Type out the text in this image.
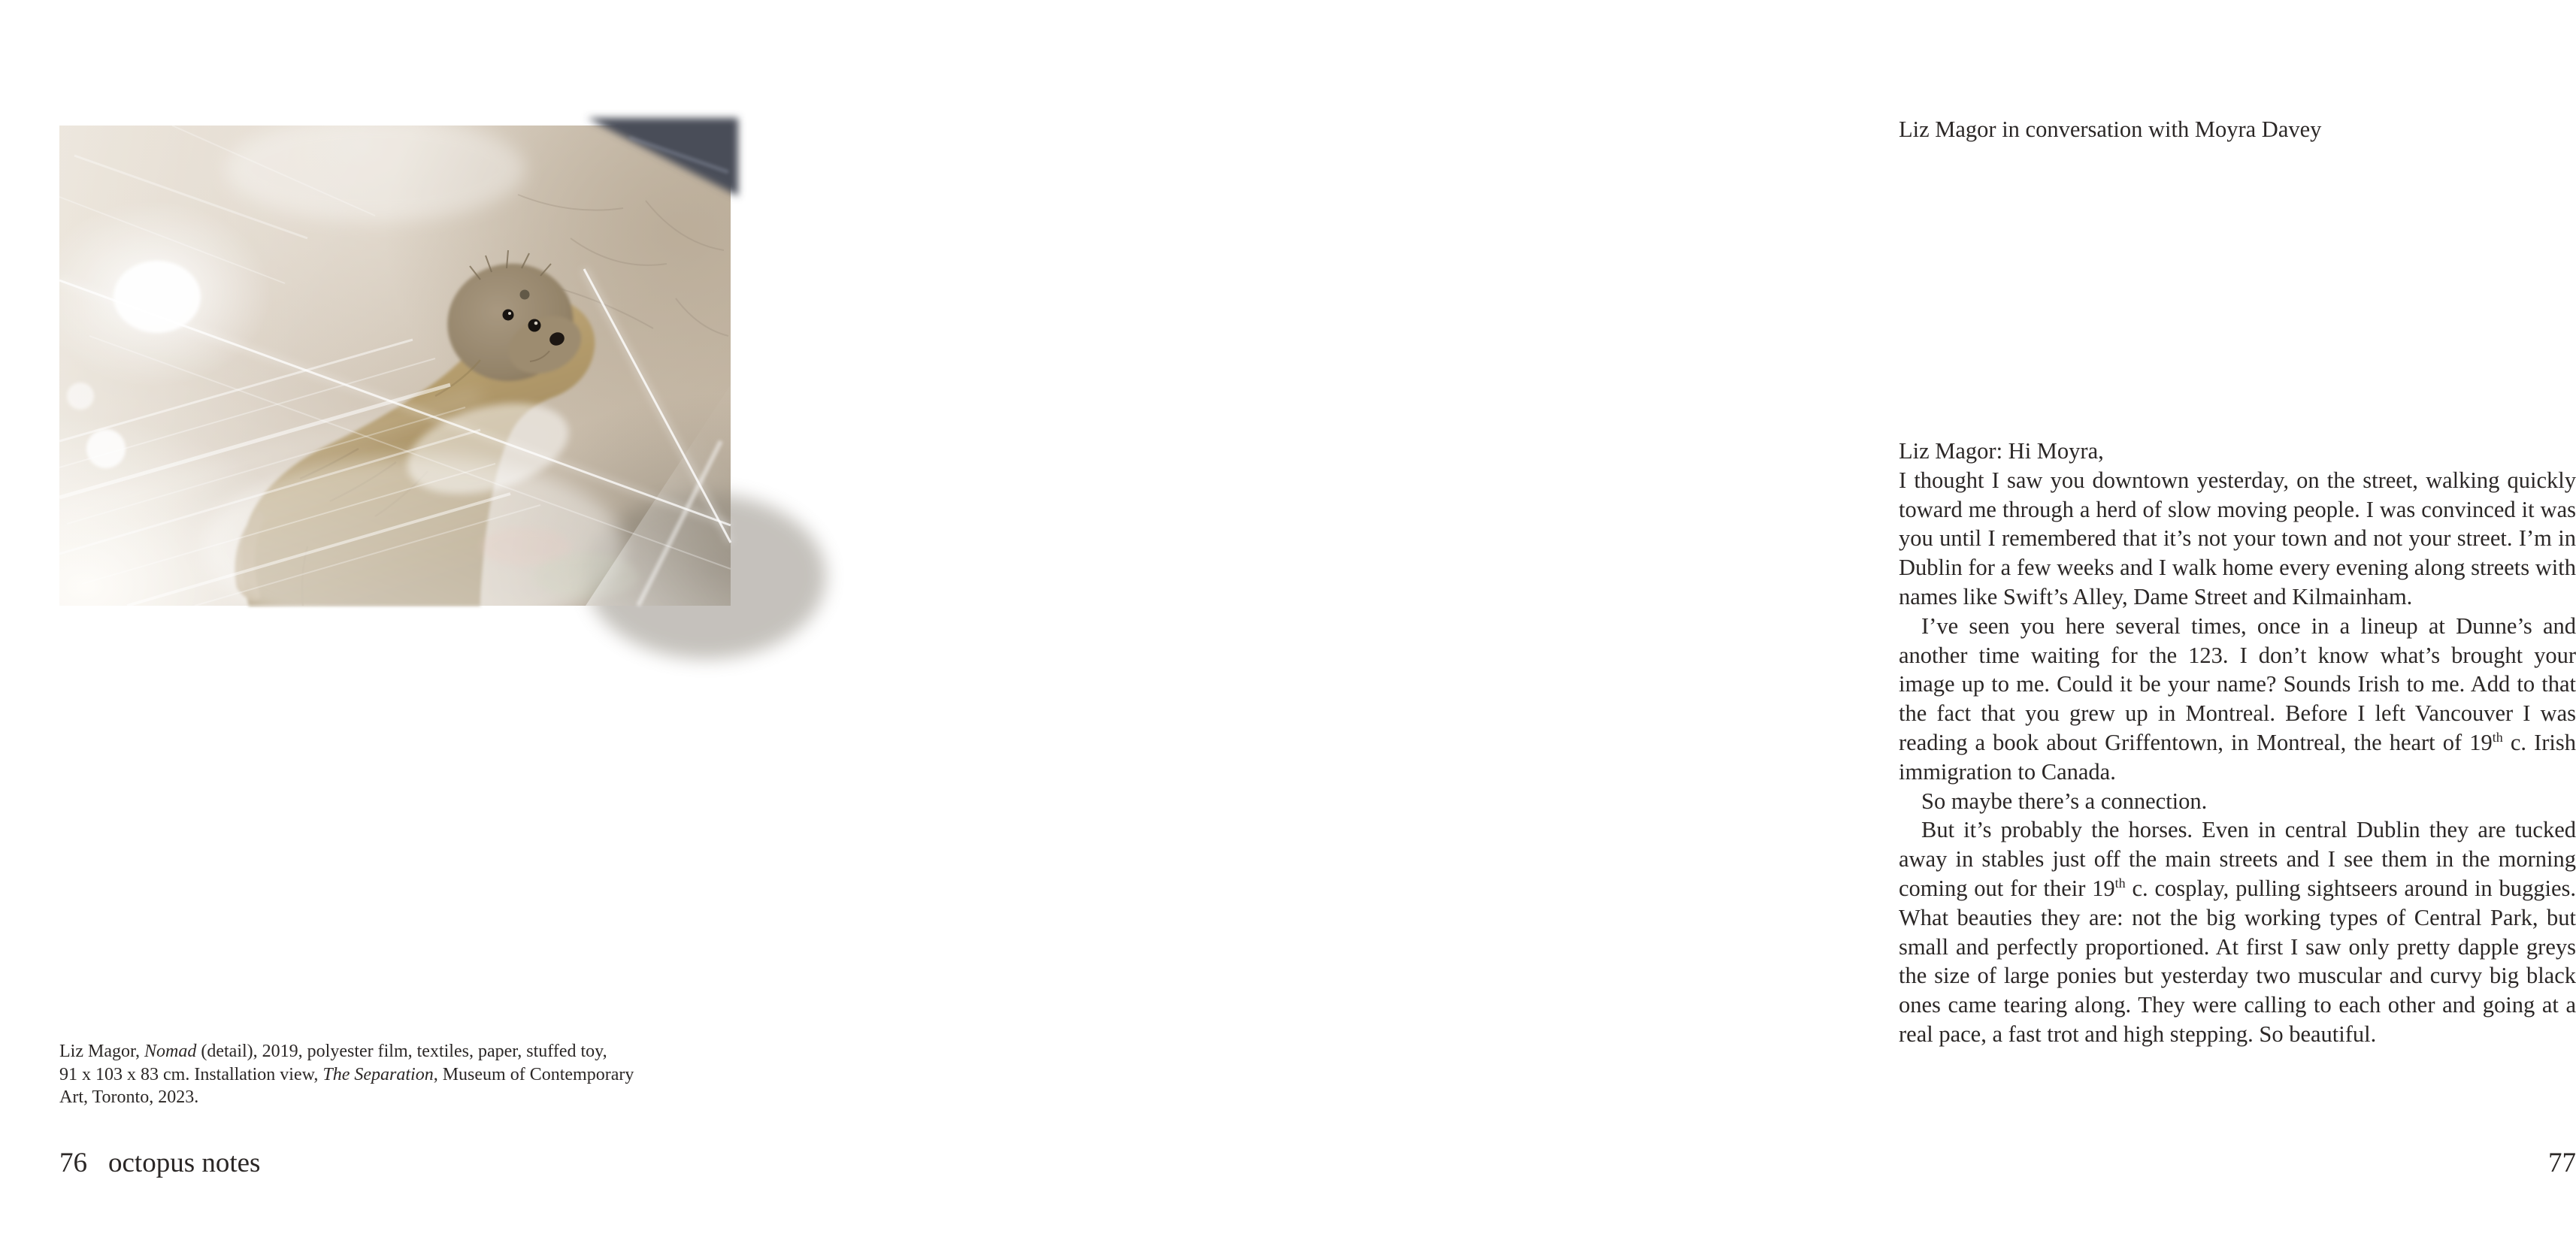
Liz Magor, Nomad (detail), 2019, polyester film, textiles, paper, stuffed toy,
91 x 103 x 83 cm. Installation view, The Separation, Museum of Contemporary
Art, Toronto, 2023.

76 octopus notes
Liz Magor in conversation with Moyra Davey

Liz Magor: Hi Moyra,

I thought I saw you downtown yesterday, on the street, walking quickly toward me through a herd of slow moving people. I was convinced it was you until I remembered that it’s not your town and not your street. I’m in Dublin for a few weeks and I walk home every evening along streets with names like Swift’s Alley, Dame Street and Kilmainham.

I’ve seen you here several times, once in a lineup at Dunne’s and another time waiting for the 123. I don’t know what’s brought your image up to me. Could it be your name? Sounds Irish to me. Add to that the fact that you grew up in Montreal. Before I left Vancouver I was reading a book about Griffentown, in Montreal, the heart of 19th c. Irish immigration to Canada.

So maybe there’s a connection.

But it’s probably the horses. Even in central Dublin they are tucked away in stables just off the main streets and I see them in the morning coming out for their 19th c. cosplay, pulling sightseers around in buggies. What beauties they are: not the big working types of Central Park, but small and perfectly proportioned. At first I saw only pretty dapple greys the size of large ponies but yesterday two muscular and curvy big black ones came tearing along. They were calling to each other and going at a real pace, a fast trot and high stepping. So beautiful.

77
